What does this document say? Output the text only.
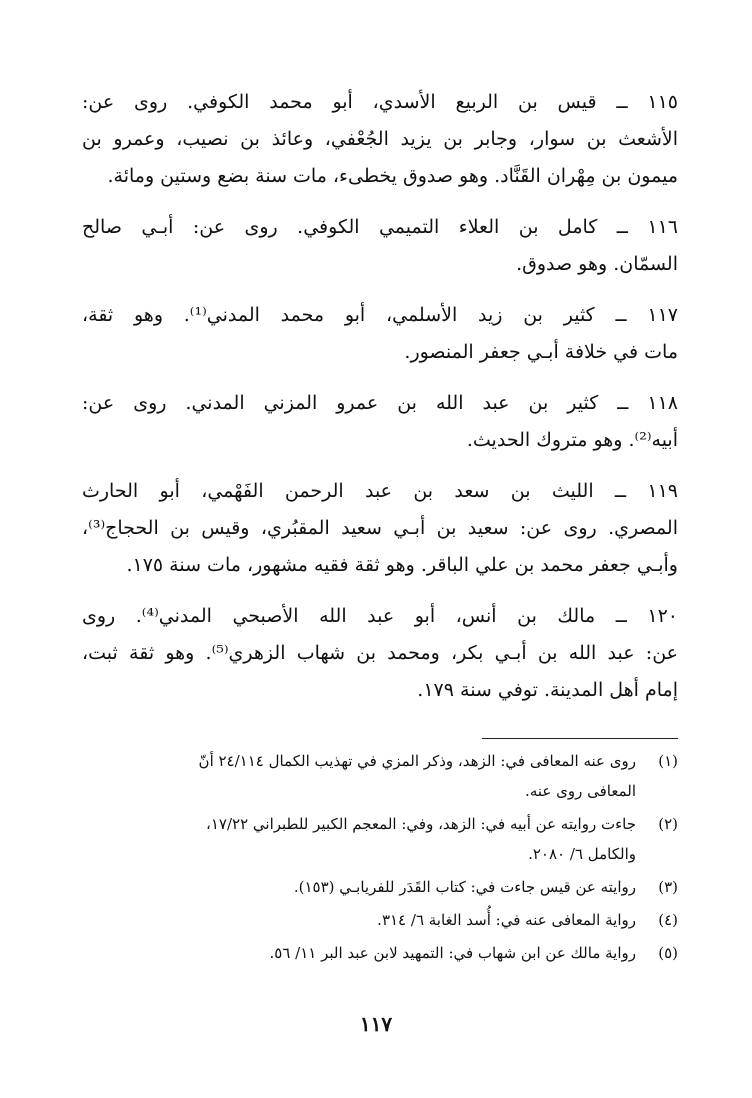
١١٥ ــ قيس بن الربيع الأسدي، أبو محمد الكوفي. روى عن:
الأشعث بن سوار، وجابر بن يزيد الجُعْفي، وعائذ بن نصيب، وعمرو بن
ميمون بن مِهْران القَنَّاد. وهو صدوق يخطىء، مات سنة بضع وستين ومائة.
١١٦ ــ كامل بن العلاء التميمي الكوفي. روى عن: أبـي صالح
السمّان. وهو صدوق.
١١٧ ــ كثير بن زيد الأسلمي، أبو محمد المدني⁽¹⁾. وهو ثقة،
مات في خلافة أبـي جعفر المنصور.
١١٨ ــ كثير بن عبد الله بن عمرو المزني المدني. روى عن:
أبيه⁽²⁾. وهو متروك الحديث.
١١٩ ــ الليث بن سعد بن عبد الرحمن الفَهْمي، أبو الحارث
المصري. روى عن: سعيد بن أبـي سعيد المقبُري، وقيس بن الحجاج⁽³⁾،
وأبـي جعفر محمد بن علي الباقر. وهو ثقة فقيه مشهور، مات سنة ١٧٥.
١٢٠ ــ مالك بن أنس، أبو عبد الله الأصبحي المدني⁽⁴⁾. روى
عن: عبد الله بن أبـي بكر، ومحمد بن شهاب الزهري⁽⁵⁾. وهو ثقة ثبت،
إمام أهل المدينة. توفي سنة ١٧٩.
(١)
روى عنه المعافى في: الزهد، وذكر المزي في تهذيب الكمال ٢٤/١١٤ أنّ
المعافى روى عنه.
(٢)
جاءت روايته عن أبيه في: الزهد، وفي: المعجم الكبير للطبراني ١٧/٢٢،
والكامل ٦/ ٢٠٨٠.
(٣)
روايته عن قيس جاءت في: كتاب القَدَر للفريابـي (١٥٣).
(٤)
رواية المعافى عنه في: أُسد الغابة ٦/ ٣١٤.
(٥)
رواية مالك عن ابن شهاب في: التمهيد لابن عبد البر ١١/ ٥٦.
١١٧
